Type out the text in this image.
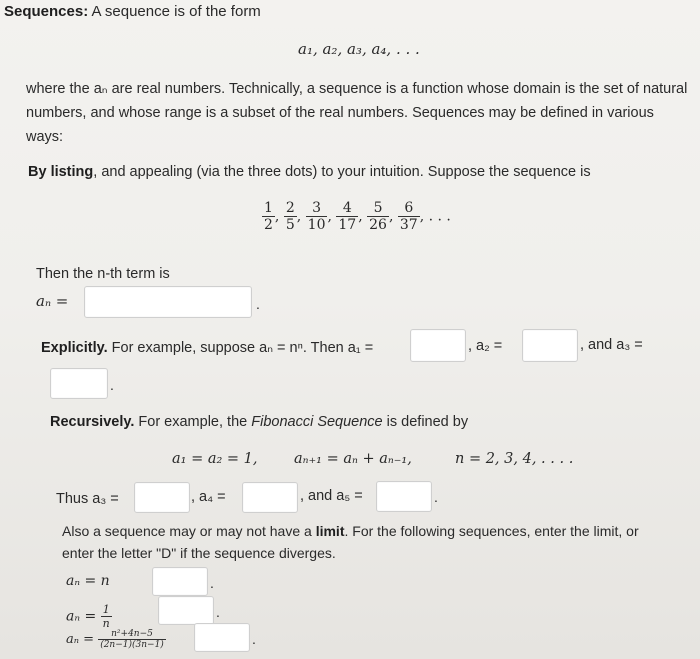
Sequences: A sequence is of the form
a₁, a₂, a₃, a₄, . . .
where the aₙ are real numbers. Technically, a sequence is a function whose domain is the set of natural numbers, and whose range is a subset of the real numbers. Sequences may be defined in various ways:
By listing, and appealing (via the three dots) to your intuition. Suppose the sequence is
$\frac{1}{2}$ , $\frac{2}{5}$ , $\frac{3}{10}$ , $\frac{4}{17}$ , $\frac{5}{26}$ , $\frac{6}{37}$ , . . .
Then the n-th term is
aₙ =	.
Explicitly. For example, suppose aₙ = nⁿ. Then a₁ =	, a₂ =	, and a₃ =
.
Recursively. For example, the Fibonacci Sequence is defined by
a₁ = a₂ = 1,	aₙ₊₁ = aₙ + aₙ₋₁,	n = 2, 3, 4, . . . .
Thus a₃ =	, a₄ =	, and a₅ =	.
Also a sequence may or may not have a limit. For the following sequences, enter the limit, or enter the letter "D" if the sequence diverges.
aₙ = n	.
$a_n = \frac{1}{n}$	.
$a_n = \frac{\text{n²+4n−5}}{(2n-1)(3n-1)}$	.
